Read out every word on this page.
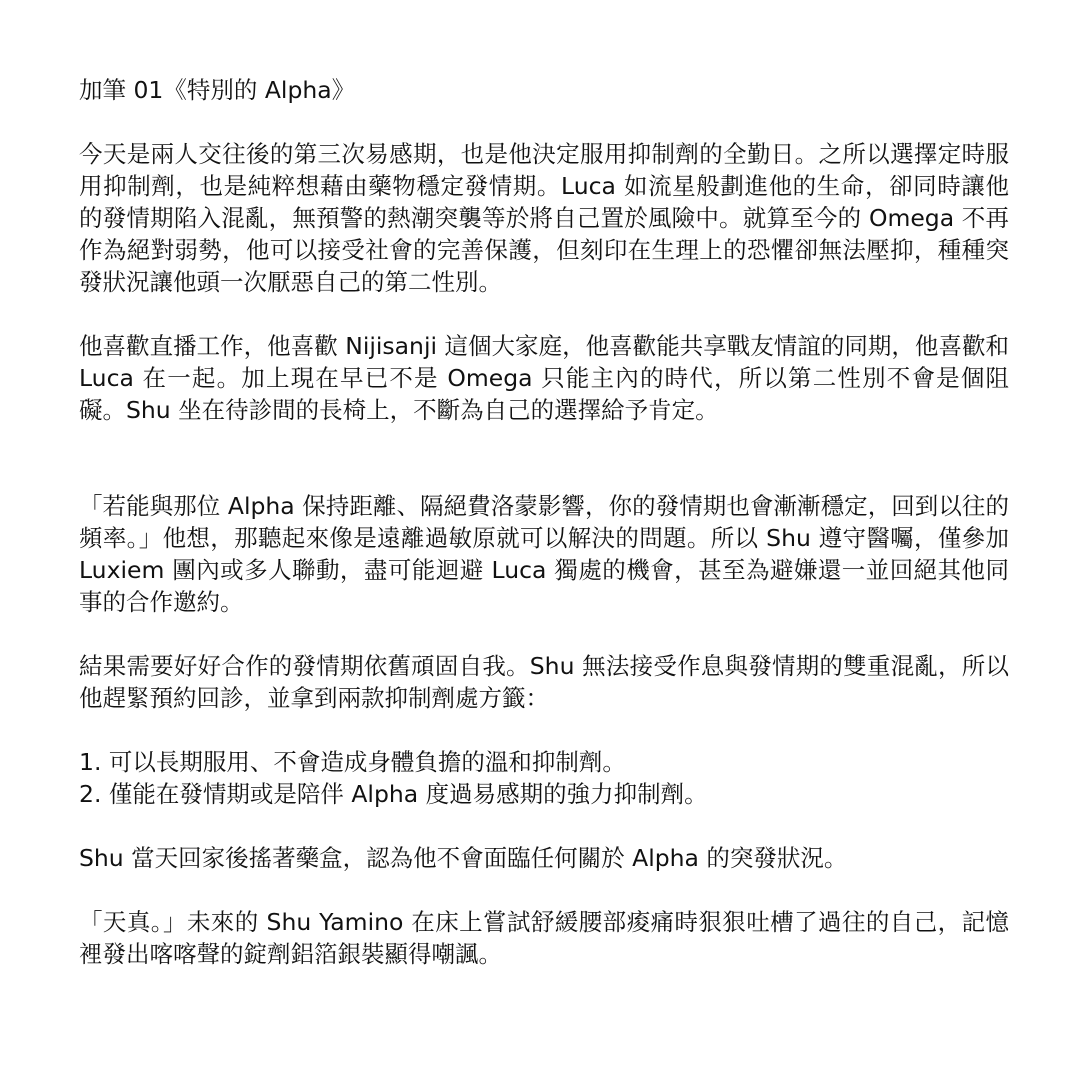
加筆 01《特別的 Alpha》

今天是兩人交往後的第三次易感期，也是他決定服用抑制劑的全勤日。之所以選擇定時服用抑制劑，也是純粹想藉由藥物穩定發情期。Luca 如流星般劃進他的生命，卻同時讓他的發情期陷入混亂，無預警的熱潮突襲等於將自己置於風險中。就算至今的 Omega 不再作為絕對弱勢，他可以接受社會的完善保護，但刻印在生理上的恐懼卻無法壓抑，種種突發狀況讓他頭一次厭惡自己的第二性別。

他喜歡直播工作，他喜歡 Nijisanji 這個大家庭，他喜歡能共享戰友情誼的同期，他喜歡和 Luca 在一起。加上現在早已不是 Omega 只能主內的時代，所以第二性別不會是個阻礙。Shu 坐在待診間的長椅上，不斷為自己的選擇給予肯定。

「若能與那位 Alpha 保持距離、隔絕費洛蒙影響，你的發情期也會漸漸穩定，回到以往的頻率。」他想，那聽起來像是遠離過敏原就可以解決的問題。所以 Shu 遵守醫囑，僅參加 Luxiem 團內或多人聯動，盡可能迴避 Luca 獨處的機會，甚至為避嫌還一並回絕其他同事的合作邀約。

結果需要好好合作的發情期依舊頑固自我。Shu 無法接受作息與發情期的雙重混亂，所以他趕緊預約回診，並拿到兩款抑制劑處方籤：

1. 可以長期服用、不會造成身體負擔的溫和抑制劑。
2. 僅能在發情期或是陪伴 Alpha 度過易感期的強力抑制劑。

Shu 當天回家後搖著藥盒，認為他不會面臨任何關於 Alpha 的突發狀況。

「天真。」未來的 Shu Yamino 在床上嘗試舒緩腰部痠痛時狠狠吐槽了過往的自己，記憶裡發出喀喀聲的錠劑鋁箔銀裝顯得嘲諷。
